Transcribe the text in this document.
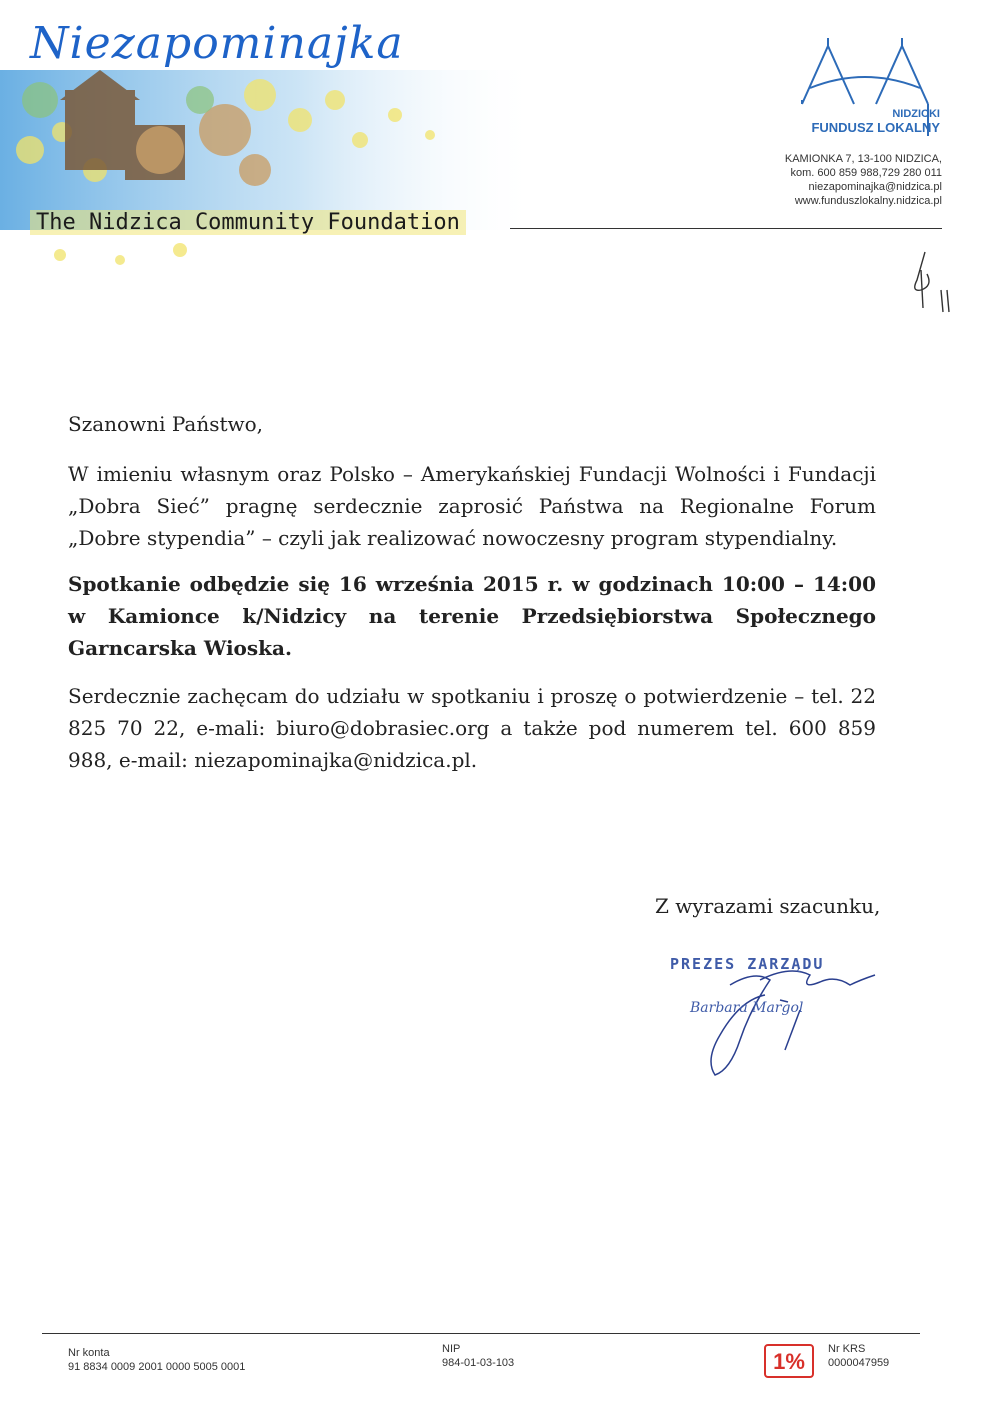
Niezapominajka
The Nidzica Community Foundation
NIDZICKI
FUNDUSZ LOKALNY
KAMIONKA 7, 13-100 NIDZICA,
kom. 600 859 988,729 280 011
niezapominajka@nidzica.pl
www.funduszlokalny.nidzica.pl
Szanowni Państwo,
W imieniu własnym oraz Polsko – Amerykańskiej Fundacji Wolności i Fundacji „Dobra Sieć” pragnę serdecznie zaprosić Państwa na Regionalne Forum „Dobre stypendia” – czyli jak realizować nowoczesny program stypendialny.
Spotkanie odbędzie się 16 września 2015 r. w godzinach 10:00 – 14:00 w Kamionce k/Nidzicy na terenie Przedsiębiorstwa Społecznego Garncarska Wioska.
Serdecznie zachęcam do udziału w spotkaniu i proszę o potwierdzenie – tel. 22 825 70 22, e-mali: biuro@dobrasiec.org a także pod numerem tel. 600 859 988, e-mail: niezapominajka@nidzica.pl.
Z wyrazami szacunku,
PREZES ZARZĄDU
Barbara Margol
Nr konta
91 8834 0009 2001 0000 5005 0001
NIP
984-01-03-103	1% Nr KRS
0000047959
